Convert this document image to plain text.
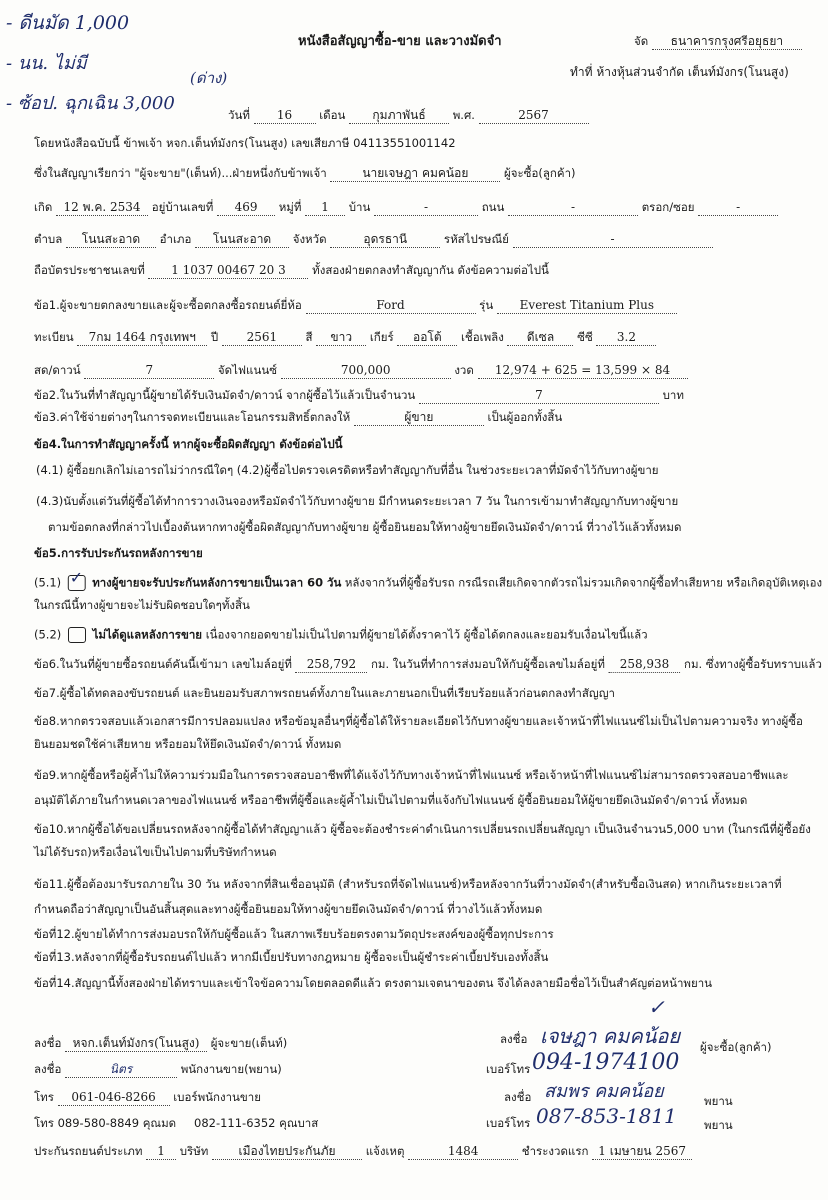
- ดีนมัด 1,000
- นน. ไม่มี
- ซ้อป. ฉุกเฉิน 3,000
(ด่าง)
หนังสือสัญญาซื้อ-ขาย และวางมัดจำ	จัด ธนาคารกรุงศรีอยุธยา
ทำที่ ห้างหุ้นส่วนจำกัด เต็นท์มังกร(โนนสูง)
วันที่ 16 เดือน กุมภาพันธ์ พ.ศ.	2567
โดยหนังสือฉบับนี้ ข้าพเจ้า หจก.เต็นท์มังกร(โนนสูง) เลขเสียภาษี 04113551001142
ซึ่งในสัญญาเรียกว่า "ผู้จะขาย"(เต็นท์)...ฝ่ายหนึ่งกับข้าพเจ้า	นายเจษฎา คมคน้อย	ผู้จะซื้อ(ลูกค้า)
เกิด 12 พ.ค. 2534 อยู่บ้านเลขที่ 469 หมู่ที่ 1 บ้าน	-	ถนน	-	ตรอก/ซอย	-
ตำบล โนนสะอาด อำเภอ โนนสะอาด จังหวัด	อุดรธานี	รหัสไปรษณีย์	-
ถือบัตรประชาชนเลขที่ 1 1037 00467 20 3 ทั้งสองฝ่ายตกลงทำสัญญากัน ดังข้อความต่อไปนี้
ข้อ1.ผู้จะขายตกลงขายและผู้จะซื้อตกลงซื้อรถยนต์ยี่ห้อ	Ford	รุ่น Everest Titanium Plus
ทะเบียน 7กม 1464 กรุงเทพฯ ปี 2561 สี ขาว เกียร์ ออโต้ เชื้อเพลิง ดีเซล ซีซี 3.2
สด/ดาวน์	7	จัดไฟแนนซ์	700,000	งวด 12,974 + 625 = 13,599 × 84
ข้อ2.ในวันที่ทำสัญญานี้ผู้ขายได้รับเงินมัดจำ/ดาวน์ จากผู้ซื้อไว้แล้วเป็นจำนวน	7	บาท
ข้อ3.ค่าใช้จ่ายต่างๆในการจดทะเบียนและโอนกรรมสิทธิ์ตกลงให้	ผู้ขาย	เป็นผู้ออกทั้งสิ้น
ข้อ4.ในการทำสัญญาครั้งนี้ หากผู้จะซื้อผิดสัญญา ดังข้อต่อไปนี้
(4.1) ผู้ซื้อยกเลิกไม่เอารถไม่ว่ากรณีใดๆ (4.2)ผู้ซื้อไปตรวจเครดิตหรือทำสัญญากับที่อื่น ในช่วงระยะเวลาที่มัดจำไว้กับทางผู้ขาย
(4.3)นับตั้งแต่วันที่ผู้ซื้อได้ทำการวางเงินจองหรือมัดจำไว้กับทางผู้ขาย มีกำหนดระยะเวลา 7 วัน ในการเข้ามาทำสัญญากับทางผู้ขาย
ตามข้อตกลงที่กล่าวไปเบื้องต้นหากทางผู้ซื้อผิดสัญญากับทางผู้ขาย ผู้ซื้อยินยอมให้ทางผู้ขายยึดเงินมัดจำ/ดาวน์ ที่วางไว้แล้วทั้งหมด
ข้อ5.การรับประกันรถหลังการขาย
(5.1) ✓ ทางผู้ขายจะรับประกันหลังการขายเป็นเวลา 60 วัน หลังจากวันที่ผู้ซื้อรับรถ กรณีรถเสียเกิดจากตัวรถไม่รวมเกิดจากผู้ซื้อทำเสียหาย หรือเกิดอุบัติเหตุเอง
ในกรณีนี้ทางผู้ขายจะไม่รับผิดชอบใดๆทั้งสิ้น
(5.2)	ไม่ได้ดูแลหลังการขาย เนื่องจากยอดขายไม่เป็นไปตามที่ผู้ขายได้ตั้งราคาไว้ ผู้ซื้อได้ตกลงและยอมรับเงื่อนไขนี้แล้ว
ข้อ6.ในวันที่ผู้ขายซื้อรถยนต์คันนี้เข้ามา เลขไมล์อยู่ที่ 258,792 กม. ในวันที่ทำการส่งมอบให้กับผู้ซื้อเลขไมล์อยู่ที่ 258,938 กม. ซึ่งทางผู้ซื้อรับทราบแล้ว
ข้อ7.ผู้ซื้อได้ทดลองขับรถยนต์ และยินยอมรับสภาพรถยนต์ทั้งภายในและภายนอกเป็นที่เรียบร้อยแล้วก่อนตกลงทำสัญญา
ข้อ8.หากตรวจสอบแล้วเอกสารมีการปลอมแปลง หรือข้อมูลอื่นๆที่ผู้ซื้อได้ให้รายละเอียดไว้กับทางผู้ขายและเจ้าหน้าที่ไฟแนนซ์ไม่เป็นไปตามความจริง ทางผู้ซื้อ
ยินยอมชดใช้ค่าเสียหาย หรือยอมให้ยึดเงินมัดจำ/ดาวน์ ทั้งหมด
ข้อ9.หากผู้ซื้อหรือผู้ค้ำไม่ให้ความร่วมมือในการตรวจสอบอาชีพที่ได้แจ้งไว้กับทางเจ้าหน้าที่ไฟแนนซ์ หรือเจ้าหน้าที่ไฟแนนซ์ไม่สามารถตรวจสอบอาชีพและ
อนุมัติได้ภายในกำหนดเวลาของไฟแนนซ์ หรืออาชีพที่ผู้ซื้อและผู้ค้ำไม่เป็นไปตามที่แจ้งกับไฟแนนซ์ ผู้ซื้อยินยอมให้ผู้ขายยึดเงินมัดจำ/ดาวน์ ทั้งหมด
ข้อ10.หากผู้ซื้อได้ขอเปลี่ยนรถหลังจากผู้ซื้อได้ทำสัญญาแล้ว ผู้ซื้อจะต้องชำระค่าดำเนินการเปลี่ยนรถเปลี่ยนสัญญา เป็นเงินจำนวน5,000 บาท (ในกรณีที่ผู้ซื้อยัง
ไม่ได้รับรถ)หรือเงื่อนไขเป็นไปตามที่บริษัทกำหนด
ข้อ11.ผู้ซื้อต้องมารับรถภายใน 30 วัน หลังจากที่สินเชื่ออนุมัติ (สำหรับรถที่จัดไฟแนนซ์)หรือหลังจากวันที่วางมัดจำ(สำหรับซื้อเงินสด) หากเกินระยะเวลาที่
กำหนดถือว่าสัญญาเป็นอันสิ้นสุดและทางผู้ซื้อยินยอมให้ทางผู้ขายยึดเงินมัดจำ/ดาวน์ ที่วางไว้แล้วทั้งหมด
ข้อที่12.ผู้ขายได้ทำการส่งมอบรถให้กับผู้ซื้อแล้ว ในสภาพเรียบร้อยตรงตามวัตถุประสงค์ของผู้ซื้อทุกประการ
ข้อที่13.หลังจากที่ผู้ซื้อรับรถยนต์ไปแล้ว หากมีเบี้ยปรับทางกฎหมาย ผู้ซื้อจะเป็นผู้ชำระค่าเบี้ยปรับเองทั้งสิ้น
ข้อที่14.สัญญานี้ทั้งสองฝ่ายได้ทราบและเข้าใจข้อความโดยตลอดดีแล้ว ตรงตามเจตนาของตน จึงได้ลงลายมือชื่อไว้เป็นสำคัญต่อหน้าพยาน
✓
ลงชื่อ หจก.เต็นท์มังกร(โนนสูง) ผู้จะขาย(เต็นท์)
ลงชื่อ	นิตร	พนักงานขาย(พยาน)
โทร 061-046-8266 เบอร์พนักงานขาย
โทร 089-580-8849 คุณมด 082-111-6352 คุณบาส
ลงชื่อ เจษฎา คมคน้อย ผู้จะซื้อ(ลูกค้า)
เบอร์โทร 094-1974100
ลงชื่อ สมพร คมคน้อย	พยาน
เบอร์โทร 087-853-1811 พยาน
ประกันรถยนต์ประเภท 1 บริษัท	เมืองไทยประกันภัย	แจ้งเหตุ	1484	ชำระงวดแรก 1 เมษายน 2567
